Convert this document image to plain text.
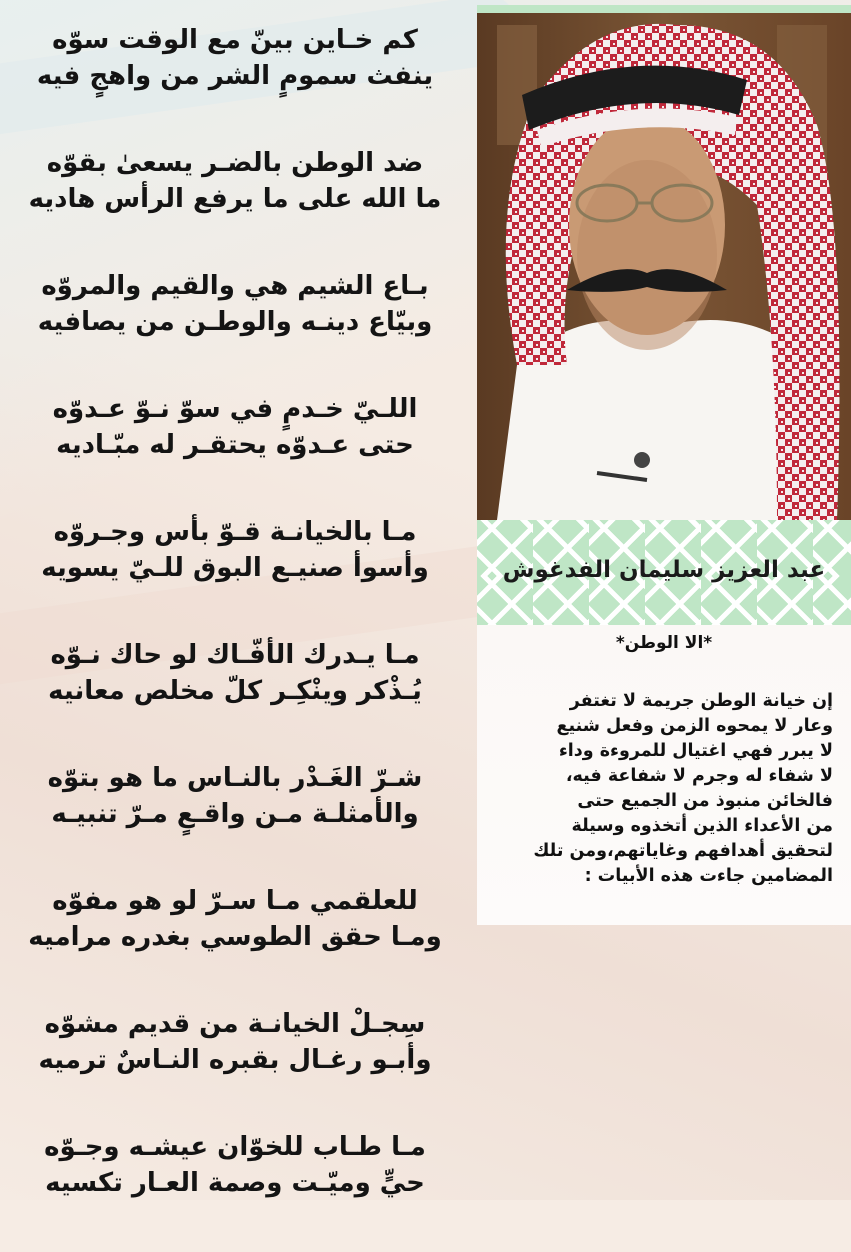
كم خـاين بينّ مع الوقت سوّه
ينفث سمومٍ الشر من واهجٍ فيه
ضد الوطن بالضـر يسعىٰ بقوّه
ما الله على ما يرفع الرأس هاديه
بـاع الشيم هي والقيم والمروّه
وبيّاع دينـه والوطـن من يصافيه
اللـيّ خـدمٍ في سوّ نـوّ عـدوّه
حتى عـدوّه يحتقـر له مبّـاديه
مـا بالخيانـة قـوّ بأس وجـروّه
وأسوأ صنيـع البوق للـيّ يسويه
مـا يـدرك الأفّـاك لو حاك نـوّه
يُـذْكر وينْكِـر كلّ مخلص معانيه
شـرّ الغَـدْر بالنـاس ما هو بتوّه
والأمثلـة مـن واقـعٍ مـرّ تنبيـه
للعلقمي مـا سـرّ لو هو مفوّه
ومـا حقق الطوسي بغدره مراميه
سِجـلْ الخيانـة من قديم مشوّه
وأبـو رغـال بقبره النـاسٌ ترميه
مـا طـاب للخوّان عيشـه وجـوّه
حيٍّ وميّـت وصمة العـار تكسيه
عبد العزيز سليمان الفدغوش
*الا الوطن*
إن خيانة الوطن جريمة لا تغتفر
وعار لا يمحوه الزمن وفعل شنيع
لا يبرر فهي اغتيال للمروءة وداء
لا شفاء له وجرم لا شفاعة فيه،
فالخائن منبوذ من الجميع حتى
من الأعداء الذين أتخذوه وسيلة
لتحقيق أهدافهم وغاياتهم،ومن تلك
المضامين جاءت هذه الأبيات :
